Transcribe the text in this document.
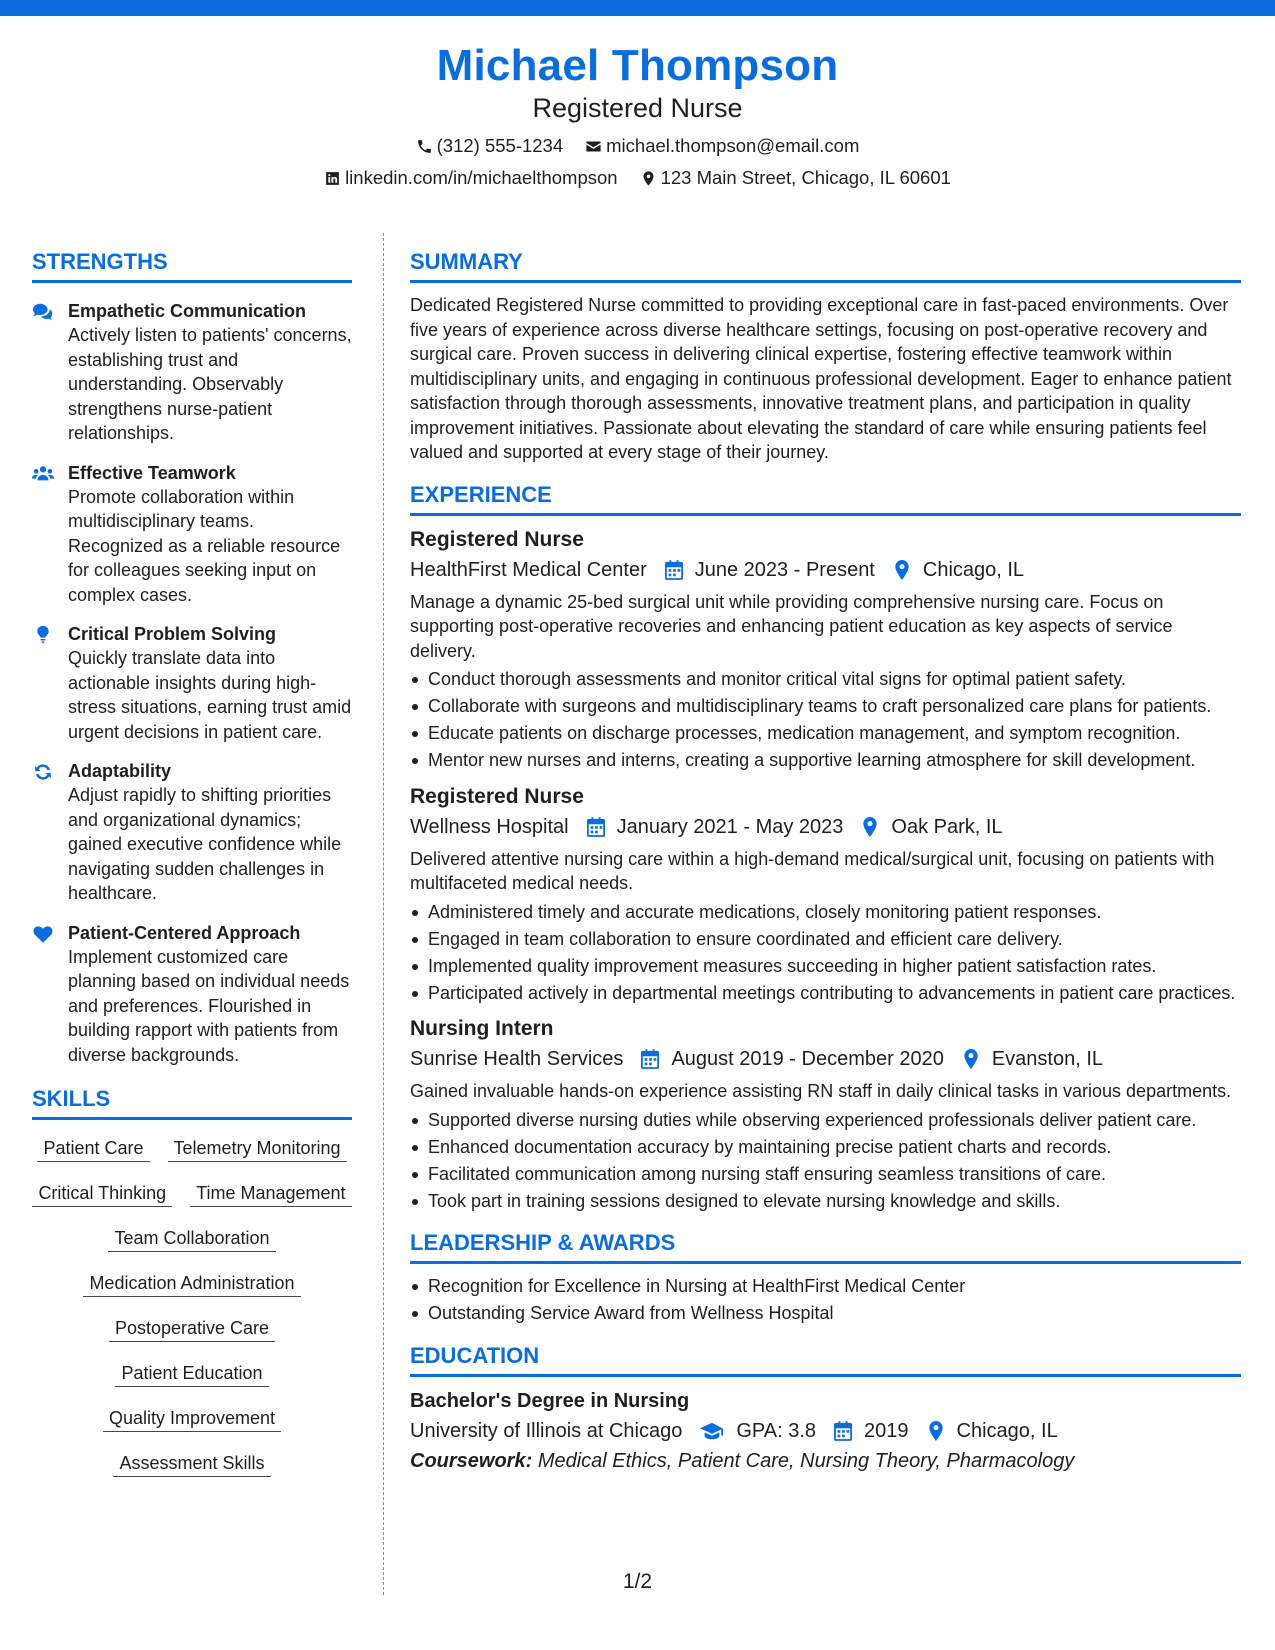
Michael Thompson
Registered Nurse
(312) 555-1234 michael.thompson@email.com
linkedin.com/in/michaelthompson 123 Main Street, Chicago, IL 60601
STRENGTHS
Empathetic Communication
Actively listen to patients' concerns, establishing trust and understanding. Observably strengthens nurse-patient relationships.
Effective Teamwork
Promote collaboration within multidisciplinary teams. Recognized as a reliable resource for colleagues seeking input on complex cases.
Critical Problem Solving
Quickly translate data into actionable insights during high-stress situations, earning trust amid urgent decisions in patient care.
Adaptability
Adjust rapidly to shifting priorities and organizational dynamics; gained executive confidence while navigating sudden challenges in healthcare.
Patient-Centered Approach
Implement customized care planning based on individual needs and preferences. Flourished in building rapport with patients from diverse backgrounds.
SKILLS
Patient Care	Telemetry Monitoring
Critical Thinking	Time Management
Team Collaboration
Medication Administration
Postoperative Care
Patient Education
Quality Improvement
Assessment Skills
SUMMARY

Dedicated Registered Nurse committed to providing exceptional care in fast-paced environments. Over five years of experience across diverse healthcare settings, focusing on post-operative recovery and surgical care. Proven success in delivering clinical expertise, fostering effective teamwork within multidisciplinary units, and engaging in continuous professional development. Eager to enhance patient satisfaction through thorough assessments, innovative treatment plans, and participation in quality improvement initiatives. Passionate about elevating the standard of care while ensuring patients feel valued and supported at every stage of their journey.

EXPERIENCE
Registered Nurse
HealthFirst Medical Center June 2023 - Present Chicago, IL

Manage a dynamic 25-bed surgical unit while providing comprehensive nursing care. Focus on supporting post-operative recoveries and enhancing patient education as key aspects of service delivery.

Conduct thorough assessments and monitor critical vital signs for optimal patient safety.
Collaborate with surgeons and multidisciplinary teams to craft personalized care plans for patients.
Educate patients on discharge processes, medication management, and symptom recognition.
Mentor new nurses and interns, creating a supportive learning atmosphere for skill development.
Registered Nurse
Wellness Hospital January 2021 - May 2023 Oak Park, IL

Delivered attentive nursing care within a high-demand medical/surgical unit, focusing on patients with multifaceted medical needs.

Administered timely and accurate medications, closely monitoring patient responses.
Engaged in team collaboration to ensure coordinated and efficient care delivery.
Implemented quality improvement measures succeeding in higher patient satisfaction rates.
Participated actively in departmental meetings contributing to advancements in patient care practices.
Nursing Intern
Sunrise Health Services August 2019 - December 2020 Evanston, IL

Gained invaluable hands-on experience assisting RN staff in daily clinical tasks in various departments.

Supported diverse nursing duties while observing experienced professionals deliver patient care.
Enhanced documentation accuracy by maintaining precise patient charts and records.
Facilitated communication among nursing staff ensuring seamless transitions of care.
Took part in training sessions designed to elevate nursing knowledge and skills.
LEADERSHIP & AWARDS
Recognition for Excellence in Nursing at HealthFirst Medical Center
Outstanding Service Award from Wellness Hospital
EDUCATION
Bachelor's Degree in Nursing
University of Illinois at Chicago	GPA: 3.8 2019 Chicago, IL
Coursework: Medical Ethics, Patient Care, Nursing Theory, Pharmacology
1/2
